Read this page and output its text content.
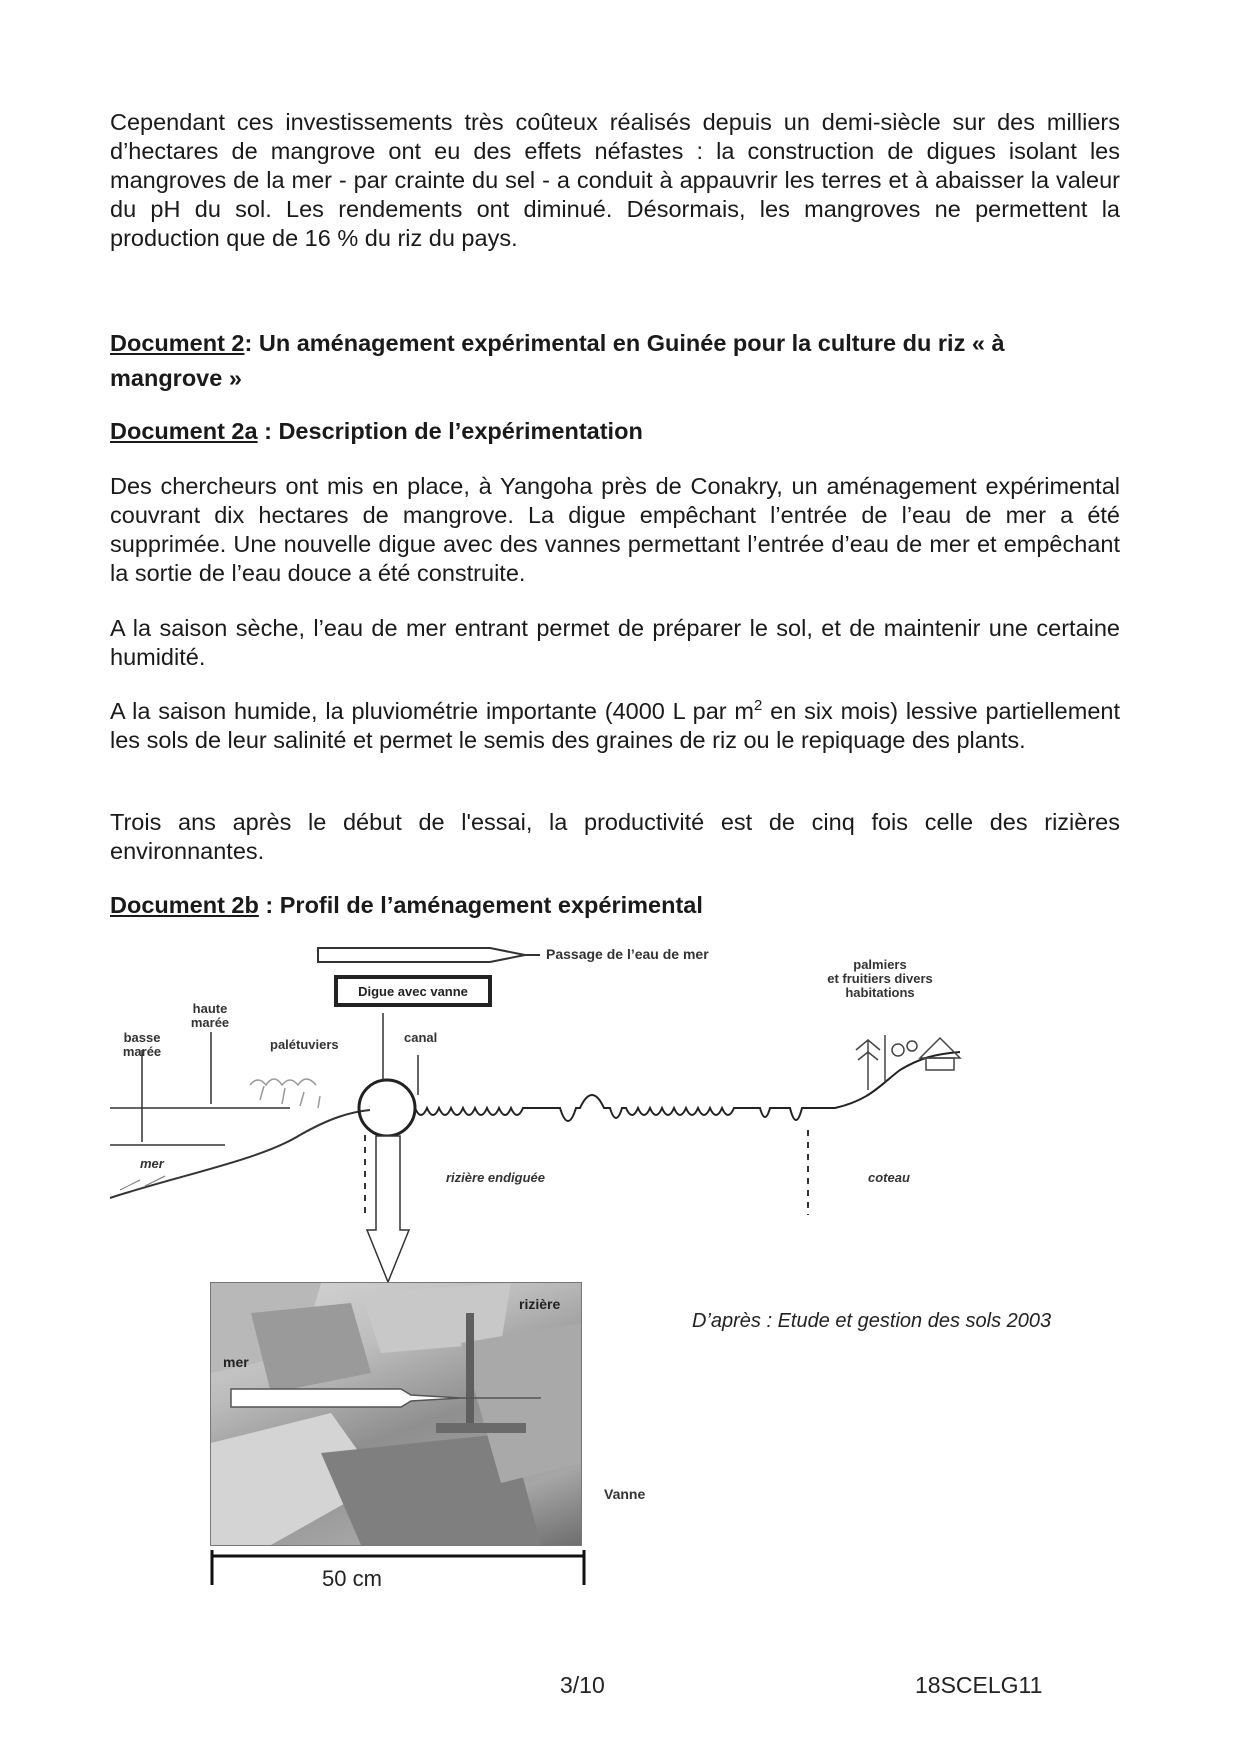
Cependant ces investissements très coûteux réalisés depuis un demi-siècle sur des milliers d’hectares de mangrove ont eu des effets néfastes : la construction de digues isolant les mangroves de la mer - par crainte du sel - a conduit à appauvrir les terres et à abaisser la valeur du pH du sol. Les rendements ont diminué. Désormais, les mangroves ne permettent la production que de 16 % du riz du pays.

Document 2: Un aménagement expérimental en Guinée pour la culture du riz « à mangrove »
Document 2a : Description de l’expérimentation

Des chercheurs ont mis en place, à Yangoha près de Conakry, un aménagement expérimental couvrant dix hectares de mangrove. La digue empêchant l’entrée de l’eau de mer a été supprimée. Une nouvelle digue avec des vannes permettant l’entrée d’eau de mer et empêchant la sortie de l’eau douce a été construite.

A la saison sèche, l’eau de mer entrant permet de préparer le sol, et de maintenir une certaine humidité.

A la saison humide, la pluviométrie importante (4000 L par $m^2$ en six mois) lessive partiellement les sols de leur salinité et permet le semis des graines de riz ou le repiquage des plants.

Trois ans après le début de l'essai, la productivité est de cinq fois celle des rizières environnantes.

Document 2b : Profil de l’aménagement expérimental
Passage de l’eau de mer
Digue avec vanne
palmiers
et fruitiers divers
habitations
haute
marée
basse
marée	palétuviers	canal
mer
rizière endiguée	coteau
rizière
mer
Vanne
50 cm
D’après : Etude et gestion des sols 2003
3/10	18SCELG11
